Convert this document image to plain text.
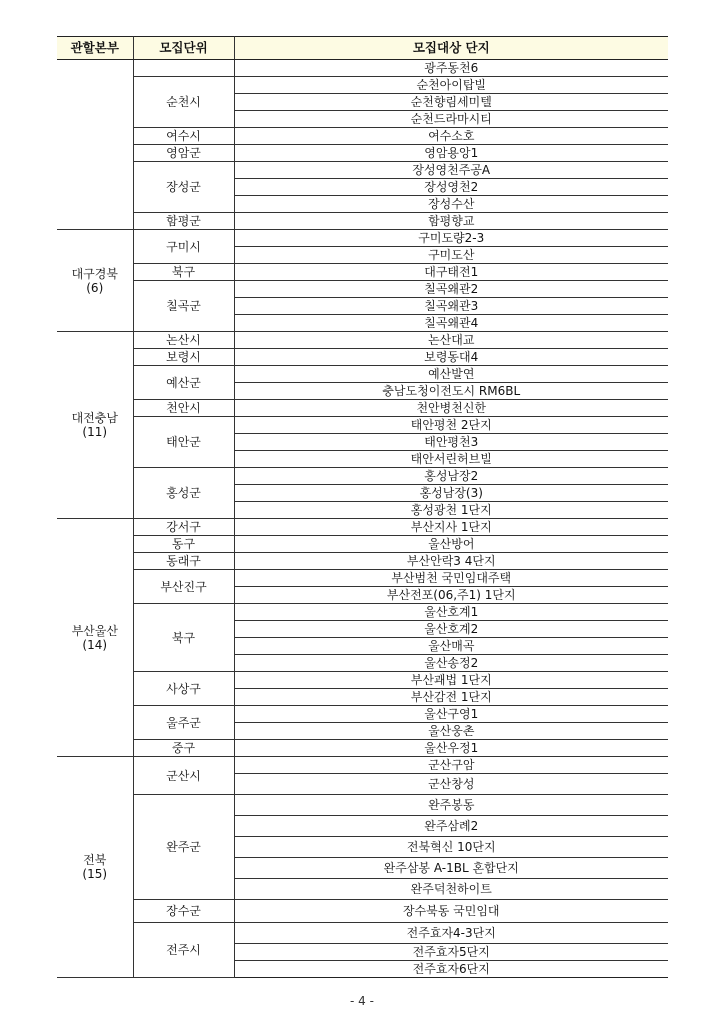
관할본부	모집단위	모집대상 단지

		광주동천6
	순천시	순천아이탑빌
		순천향림세미텔
		순천드라마시티
	여수시	여수소호
	영암군	영암용앙1
	장성군	장성영천주공A
		장성영천2
		장성수산
	함평군	함평향교

대구경북
(6)	구미시	구미도량2-3
		구미도산
	북구	대구태전1
	칠곡군	칠곡왜관2
		칠곡왜관3
		칠곡왜관4

대전충남
(11)	논산시	논산대교
	보령시	보령동대4
	예산군	예산발연
		충남도청이전도시 RM6BL
	천안시	천안병천신한
	태안군	태안평천 2단지
		태안평천3
		태안서린허브빌
	홍성군	홍성남장2
		홍성남장(3)
		홍성광천 1단지

부산울산
(14)	강서구	부산지사 1단지
	동구	울산방어
	동래구	부산안락3 4단지
	부산진구	부산범천 국민임대주택
		부산전포(06,주1) 1단지
	북구	울산호계1
		울산호계2
		울산매곡
		울산송정2
	사상구	부산괘법 1단지
		부산감전 1단지
	울주군	울산구영1
		울산웅촌
	중구	울산우정1

전북
(15)	군산시	군산구암
		군산창성
	완주군	완주봉동
		완주삼례2
		전북혁신 10단지
		완주삼봉 A-1BL 혼합단지
		완주덕천하이트
	장수군	장수북동 국민임대
	전주시	전주효자4-3단지
		전주효자5단지
		전주효자6단지
- 4 -
